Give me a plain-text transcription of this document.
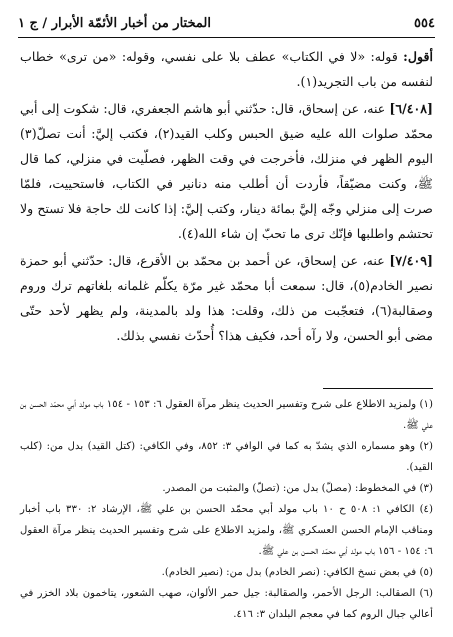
٥٥٤
المختار من أخبار الأئمّة الأبرار / ج ١

أقول: قوله: «لا في الكتاب» عطف بلا على نفسي، وقوله: «من ترى» خطاب لنفسه من باب التجريد(١).

[٦/٤٠٨] عنه، عن إسحاق، قال: حدّثني أبو هاشم الجعفري، قال: شكوت إلى أبي محمّد صلوات الله عليه ضيق الحبس وكلب القيد(٢)، فكتب إليَّ: أنت تصلّ(٣) اليوم الظهر في منزلك، فأخرجت في وقت الظهر، فصلّيت في منزلي، كما قال ﷺ، وكنت مضيّقاً، فأردت أن أطلب منه دنانير في الكتاب، فاستحييت، فلمّا صرت إلى منزلي وجّه إليَّ بمائة دينار، وكتب إليَّ: إذا كانت لك حاجة فلا تستح ولا تحتشم واطلبها فإنّك ترى ما تحبّ إن شاء الله(٤).

[٧/٤٠٩] عنه، عن إسحاق، عن أحمد بن محمّد بن الأقرع، قال: حدّثني أبو حمزة نصير الخادم(٥)، قال: سمعت أبا محمّد غير مرّة يكلّم غلمانه بلغاتهم ترك وروم وصقالبة(٦)، فتعجّبت من ذلك، وقلت: هذا ولد بالمدينة، ولم يظهر لأحد حتّى مضى أبو الحسن، ولا رآه أحد، فكيف هذا؟ أُحدّث نفسي بذلك.

(١) ولمزيد الاطلاع على شرح وتفسير الحديث ينظر مرآة العقول ٦: ١٥٣ - ١٥٤ باب مولد أبي محمّد الحسن بن علي ﷺ.
(٢) وهو مسماره الذي يشدّ به كما في الوافي ٣: ٨٥٢، وفي الكافي: (كتل القيد) بدل من: (كلب القيد).
(٣) في المخطوط: (مصلّ) بدل من: (تصلّ) والمثبت من المصدر.
(٤) الكافي ١: ٥٠٨ ح ١٠ باب مولد أبي محمّد الحسن بن علي ﷺ، الإرشاد ٢: ٣٣٠ باب أخبار ومناقب الإمام الحسن العسكري ﷺ، ولمزيد الاطلاع على شرح وتفسير الحديث ينظر مرآة العقول ٦: ١٥٤ - ١٥٦ باب مولد أبي محمّد الحسن بن علي ﷺ.
(٥) في بعض نسخ الكافي: (نصر الخادم) بدل من: (نصير الخادم).
(٦) الصقالب: الرجل الأحمر، والصقالبة: جيل حمر الألوان، صهب الشعور، يتاخمون بلاد الخزر في أعالي جبال الروم كما في معجم البلدان ٣: ٤١٦.
